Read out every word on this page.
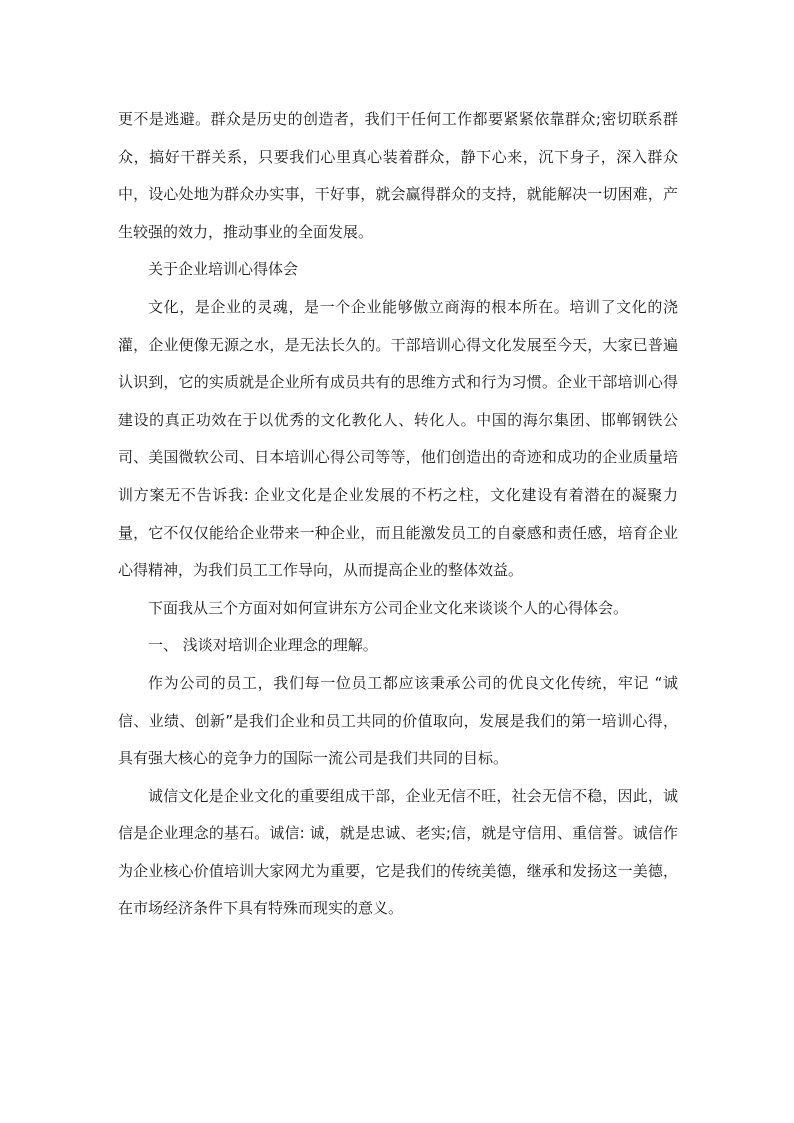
更不是逃避。群众是历史的创造者，我们干任何工作都要紧紧依靠群众;密切联系群众，搞好干群关系，只要我们心里真心装着群众，静下心来，沉下身子，深入群众中，设心处地为群众办实事，干好事，就会赢得群众的支持，就能解决一切困难，产生较强的效力，推动事业的全面发展。

关于企业培训心得体会

文化，是企业的灵魂，是一个企业能够傲立商海的根本所在。培训了文化的浇灌，企业便像无源之水，是无法长久的。干部培训心得文化发展至今天，大家已普遍认识到，它的实质就是企业所有成员共有的思维方式和行为习惯。企业干部培训心得建设的真正功效在于以优秀的文化教化人、转化人。中国的海尔集团、邯郸钢铁公司、美国微软公司、日本培训心得公司等等，他们创造出的奇迹和成功的企业质量培训方案无不告诉我: 企业文化是企业发展的不朽之柱，文化建设有着潜在的凝聚力量，它不仅仅能给企业带来一种企业，而且能激发员工的自豪感和责任感，培育企业心得精神，为我们员工工作导向，从而提高企业的整体效益。

下面我从三个方面对如何宣讲东方公司企业文化来谈谈个人的心得体会。

一、 浅谈对培训企业理念的理解。

作为公司的员工，我们每一位员工都应该秉承公司的优良文化传统，牢记 “诚信、业绩、创新”是我们企业和员工共同的价值取向，发展是我们的第一培训心得，具有强大核心的竞争力的国际一流公司是我们共同的目标。

诚信文化是企业文化的重要组成干部，企业无信不旺，社会无信不稳，因此，诚信是企业理念的基石。诚信: 诚，就是忠诚、老实;信，就是守信用、重信誉。诚信作为企业核心价值培训大家网尤为重要，它是我们的传统美德，继承和发扬这一美德，在市场经济条件下具有特殊而现实的意义。
